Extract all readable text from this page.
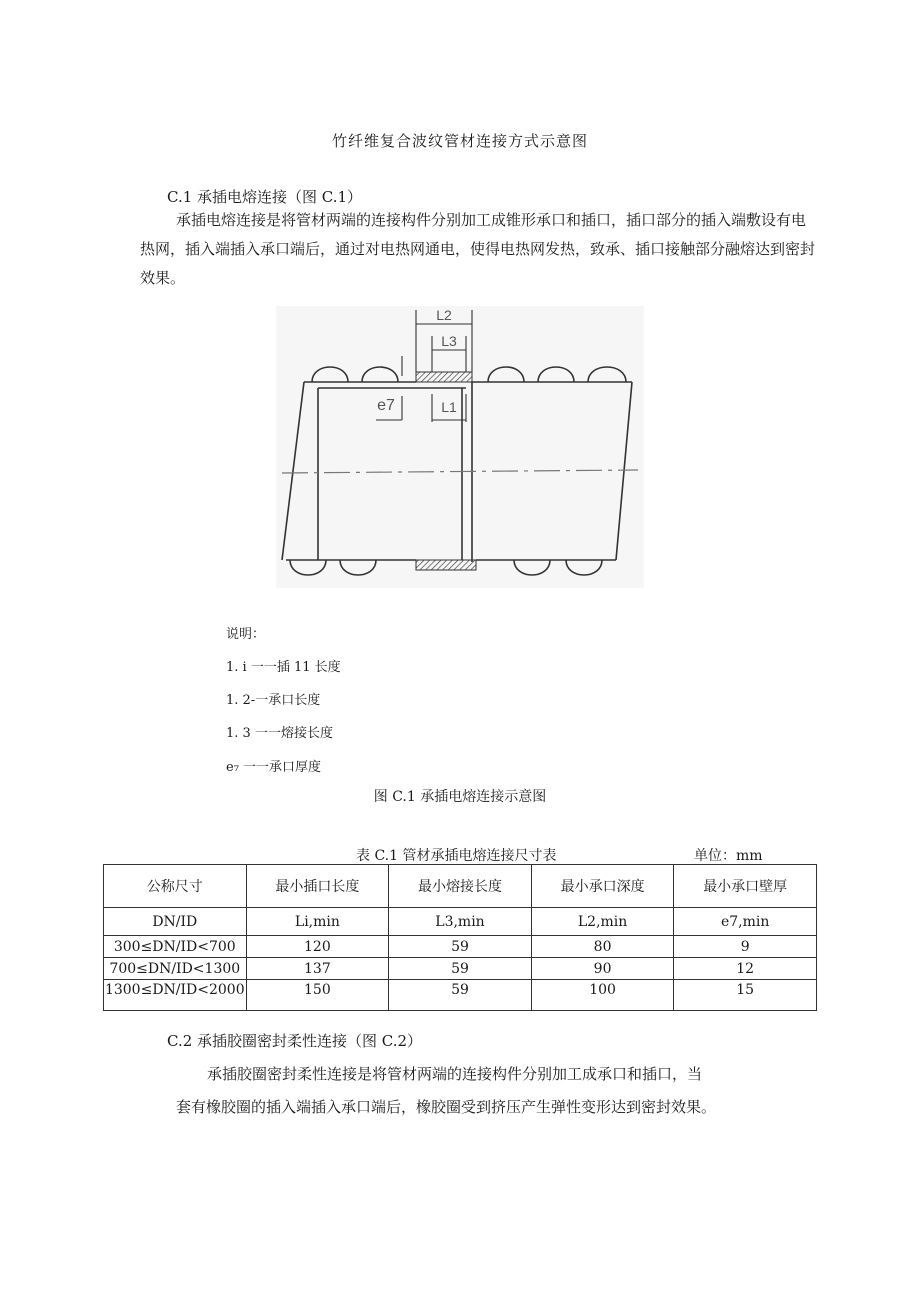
竹纤维复合波纹管材连接方式示意图
C.1 承插电熔连接（图 C.1）
承插电熔连接是将管材两端的连接构件分别加工成锥形承口和插口，插口部分的插入端敷设有电热网，插入端插入承口端后，通过对电热网通电，使得电热网发热，致承、插口接触部分融熔达到密封效果。
L2
L3
L1
e7
说明：
1. i 一一插 11 长度
1. 2-一承口长度
1. 3 一一熔接长度
e₇ 一一承口厚度
图 C.1 承插电熔连接示意图
表 C.1 管材承插电熔连接尺寸表	单位：mm
公称尺寸	最小插口长度	最小熔接长度	最小承口深度	最小承口壁厚
DN/ID	Li,min	L3,min	L2,min	e7,min
300≤DN/ID<700	120	59	80	9
700≤DN/ID<1300	137	59	90	12
1300≤DN/ID<2000	150	59	100	15
C.2 承插胶圈密封柔性连接（图 C.2）
承插胶圈密封柔性连接是将管材两端的连接构件分别加工成承口和插口，当
套有橡胶圈的插入端插入承口端后，橡胶圈受到挤压产生弹性变形达到密封效果。
